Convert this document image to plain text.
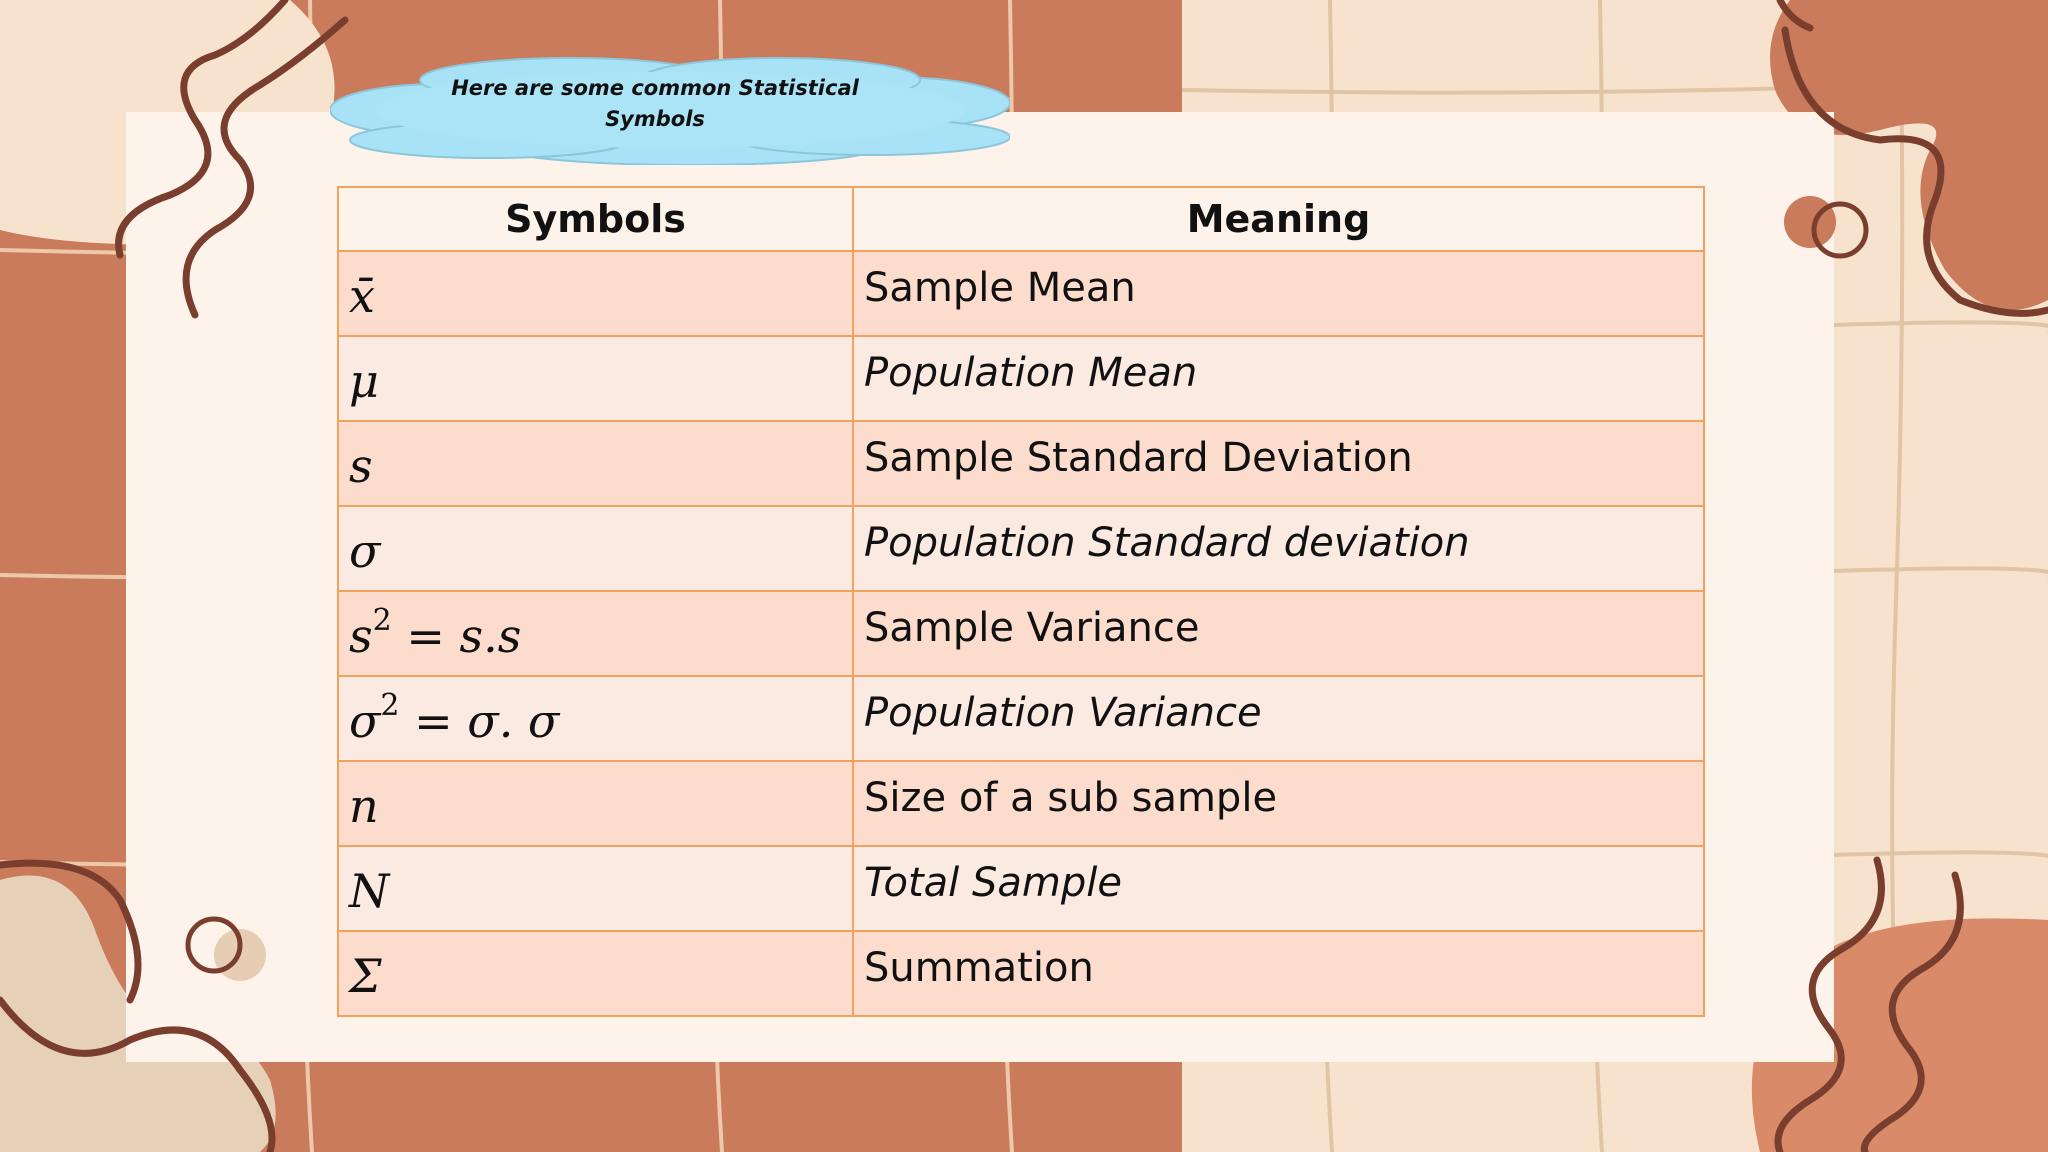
Here are some common Statistical Symbols
Symbols	Meaning

x̄	Sample Mean

μ	Population Mean

s	Sample Standard Deviation

σ	Population Standard deviation

$s^2 = s.s$	Sample Variance

$\sigma^2 = \sigma$. σ	Population Variance

n	Size of a sub sample

N	Total Sample

Σ	Summation
